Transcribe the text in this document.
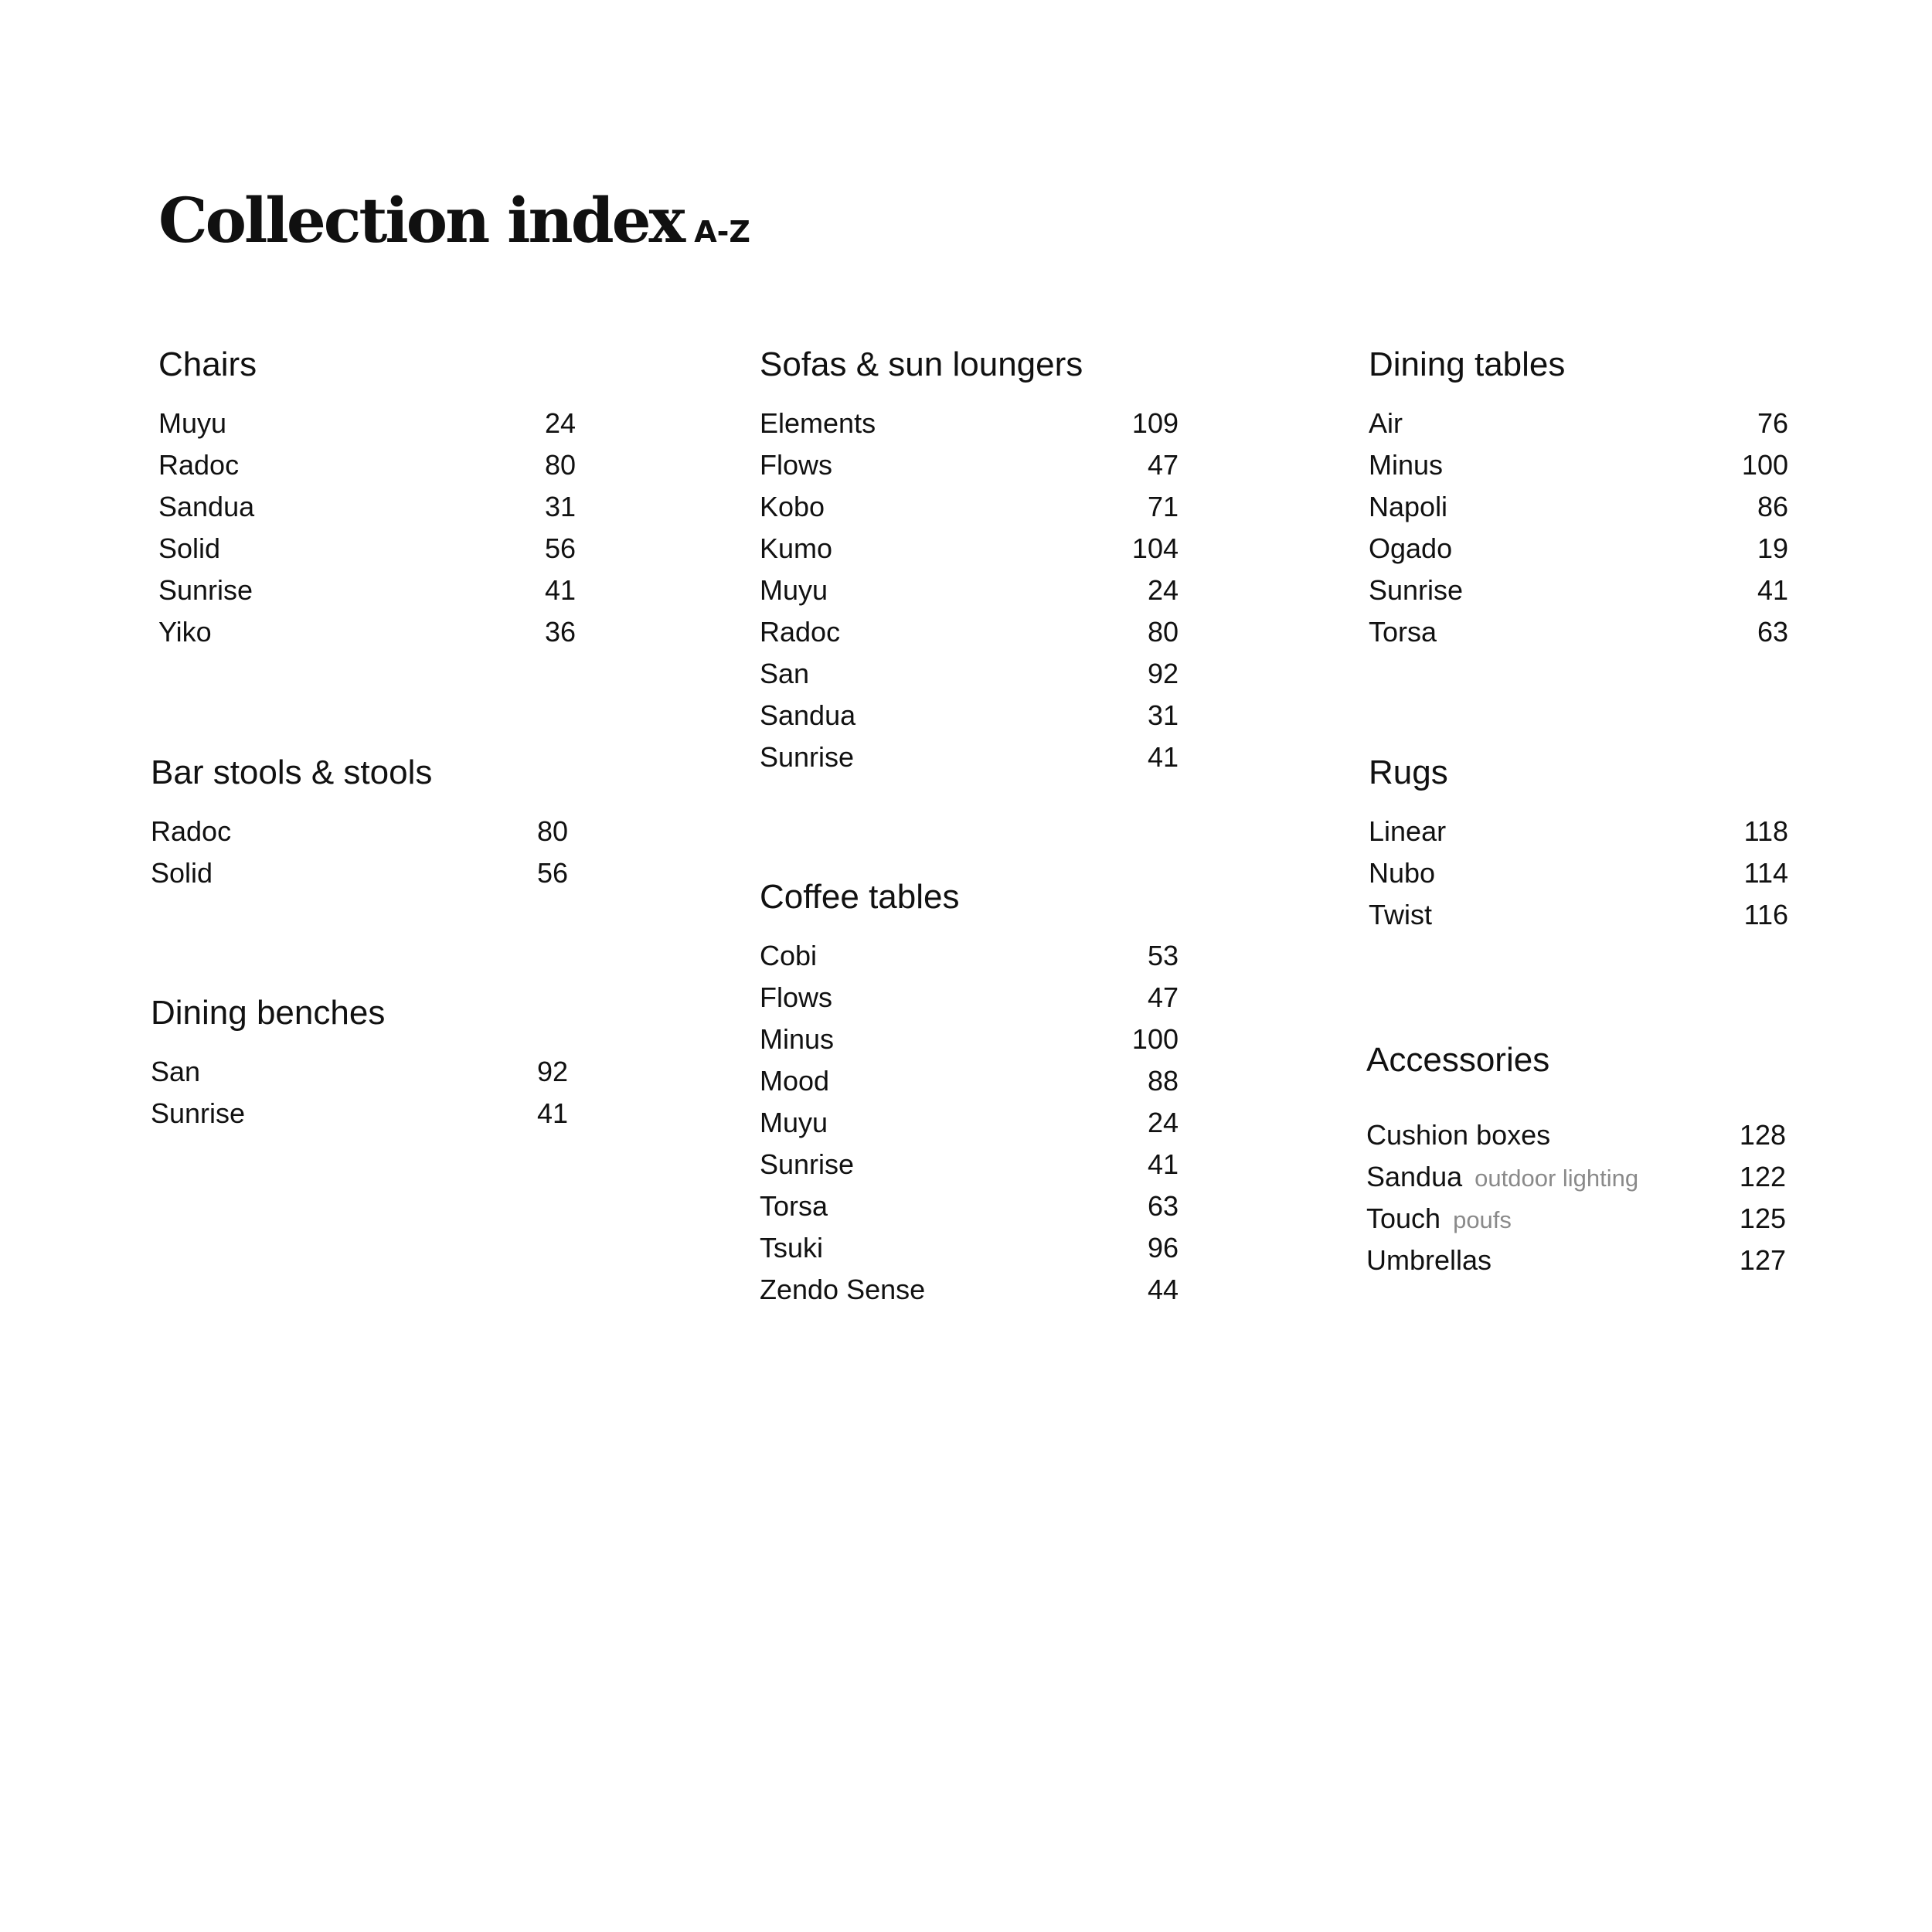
Collection index A-Z
Chairs
Muyu	24
Radoc	80
Sandua	31
Solid	56
Sunrise	41
Yiko	36
Bar stools & stools
Radoc	80
Solid	56
Dining benches
San	92
Sunrise	41
Sofas & sun loungers
Elements	109
Flows	47
Kobo	71
Kumo	104
Muyu	24
Radoc	80
San	92
Sandua	31
Sunrise	41
Coffee tables
Cobi	53
Flows	47
Minus	100
Mood	88
Muyu	24
Sunrise	41
Torsa	63
Tsuki	96
Zendo Sense	44
Dining tables
Air	76
Minus	100
Napoli	86
Ogado	19
Sunrise	41
Torsa	63
Rugs
Linear	118
Nubo	114
Twist	116
Accessories
Cushion boxes	128
Sandua outdoor lighting	122
Touch poufs	125
Umbrellas	127
